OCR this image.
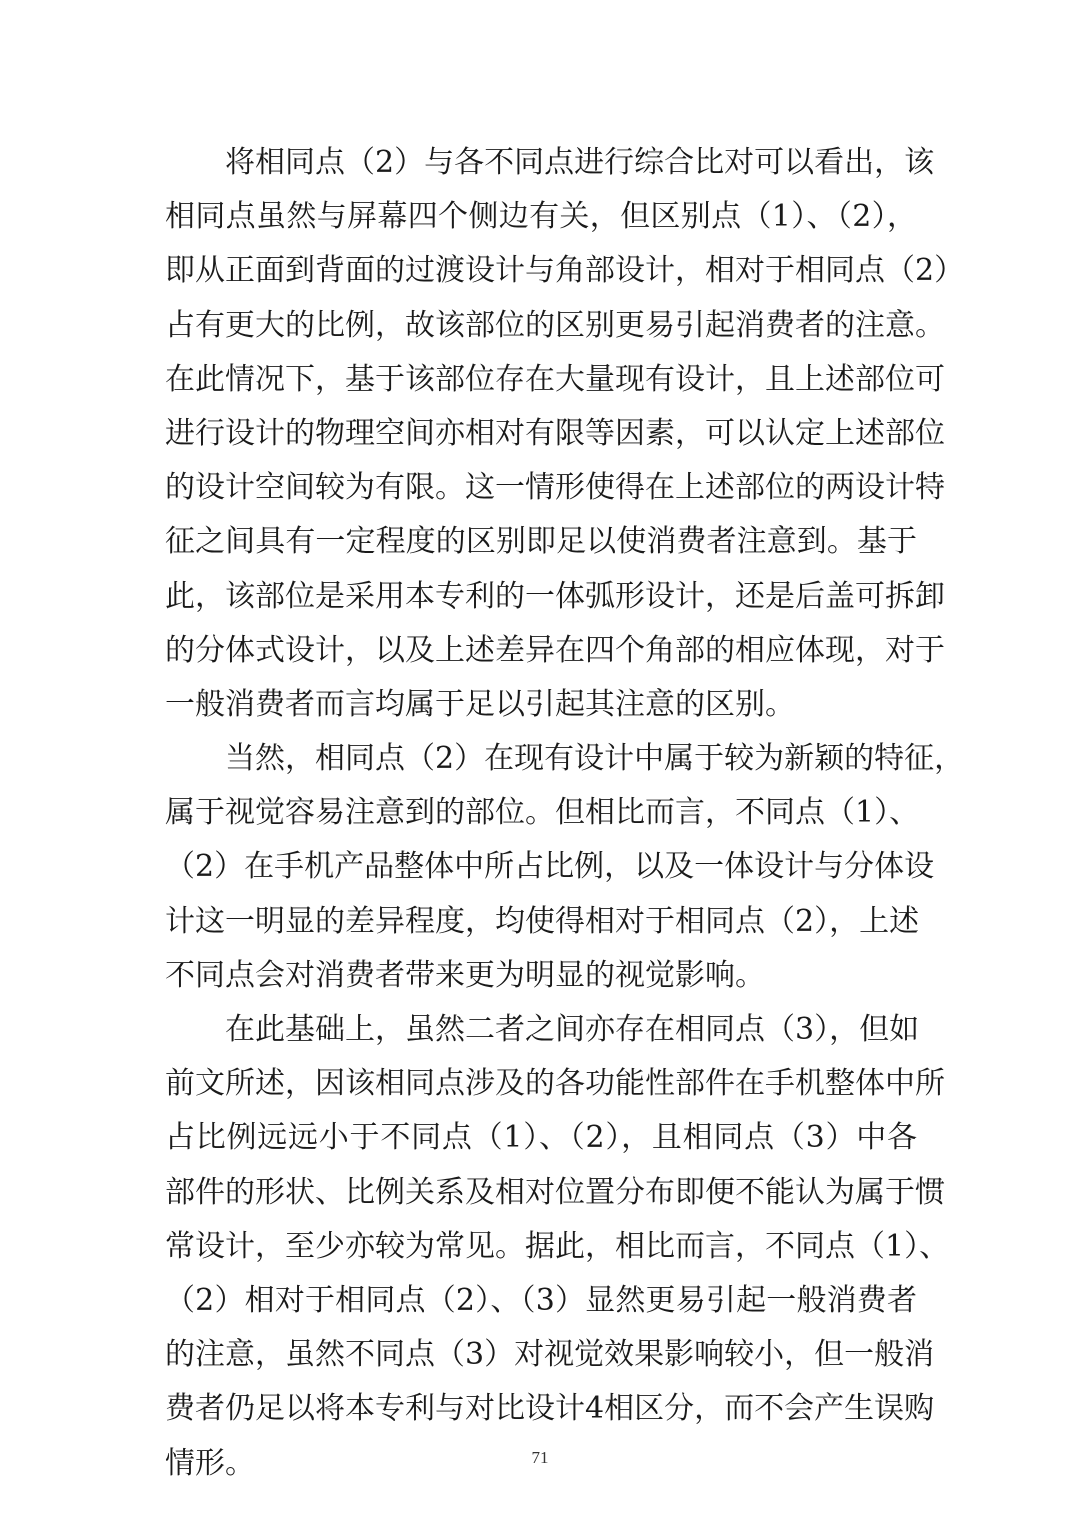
将相同点（2）与各不同点进行综合比对可以看出，该
相同点虽然与屏幕四个侧边有关，但区别点（1）、（2），
即从正面到背面的过渡设计与角部设计，相对于相同点（2）
占有更大的比例，故该部位的区别更易引起消费者的注意。
在此情况下，基于该部位存在大量现有设计，且上述部位可
进行设计的物理空间亦相对有限等因素，可以认定上述部位
的设计空间较为有限。这一情形使得在上述部位的两设计特
征之间具有一定程度的区别即足以使消费者注意到。基于
此，该部位是采用本专利的一体弧形设计，还是后盖可拆卸
的分体式设计，以及上述差异在四个角部的相应体现，对于
一般消费者而言均属于足以引起其注意的区别。
当然，相同点（2）在现有设计中属于较为新颖的特征，
属于视觉容易注意到的部位。但相比而言，不同点（1）、
（2）在手机产品整体中所占比例，以及一体设计与分体设
计这一明显的差异程度，均使得相对于相同点（2），上述
不同点会对消费者带来更为明显的视觉影响。
在此基础上，虽然二者之间亦存在相同点（3），但如
前文所述，因该相同点涉及的各功能性部件在手机整体中所
占比例远远小于不同点（1）、（2），且相同点（3）中各
部件的形状、比例关系及相对位置分布即便不能认为属于惯
常设计，至少亦较为常见。据此，相比而言，不同点（1）、
（2）相对于相同点（2）、（3）显然更易引起一般消费者
的注意，虽然不同点（3）对视觉效果影响较小，但一般消
费者仍足以将本专利与对比设计4相区分，而不会产生误购
情形。	71
